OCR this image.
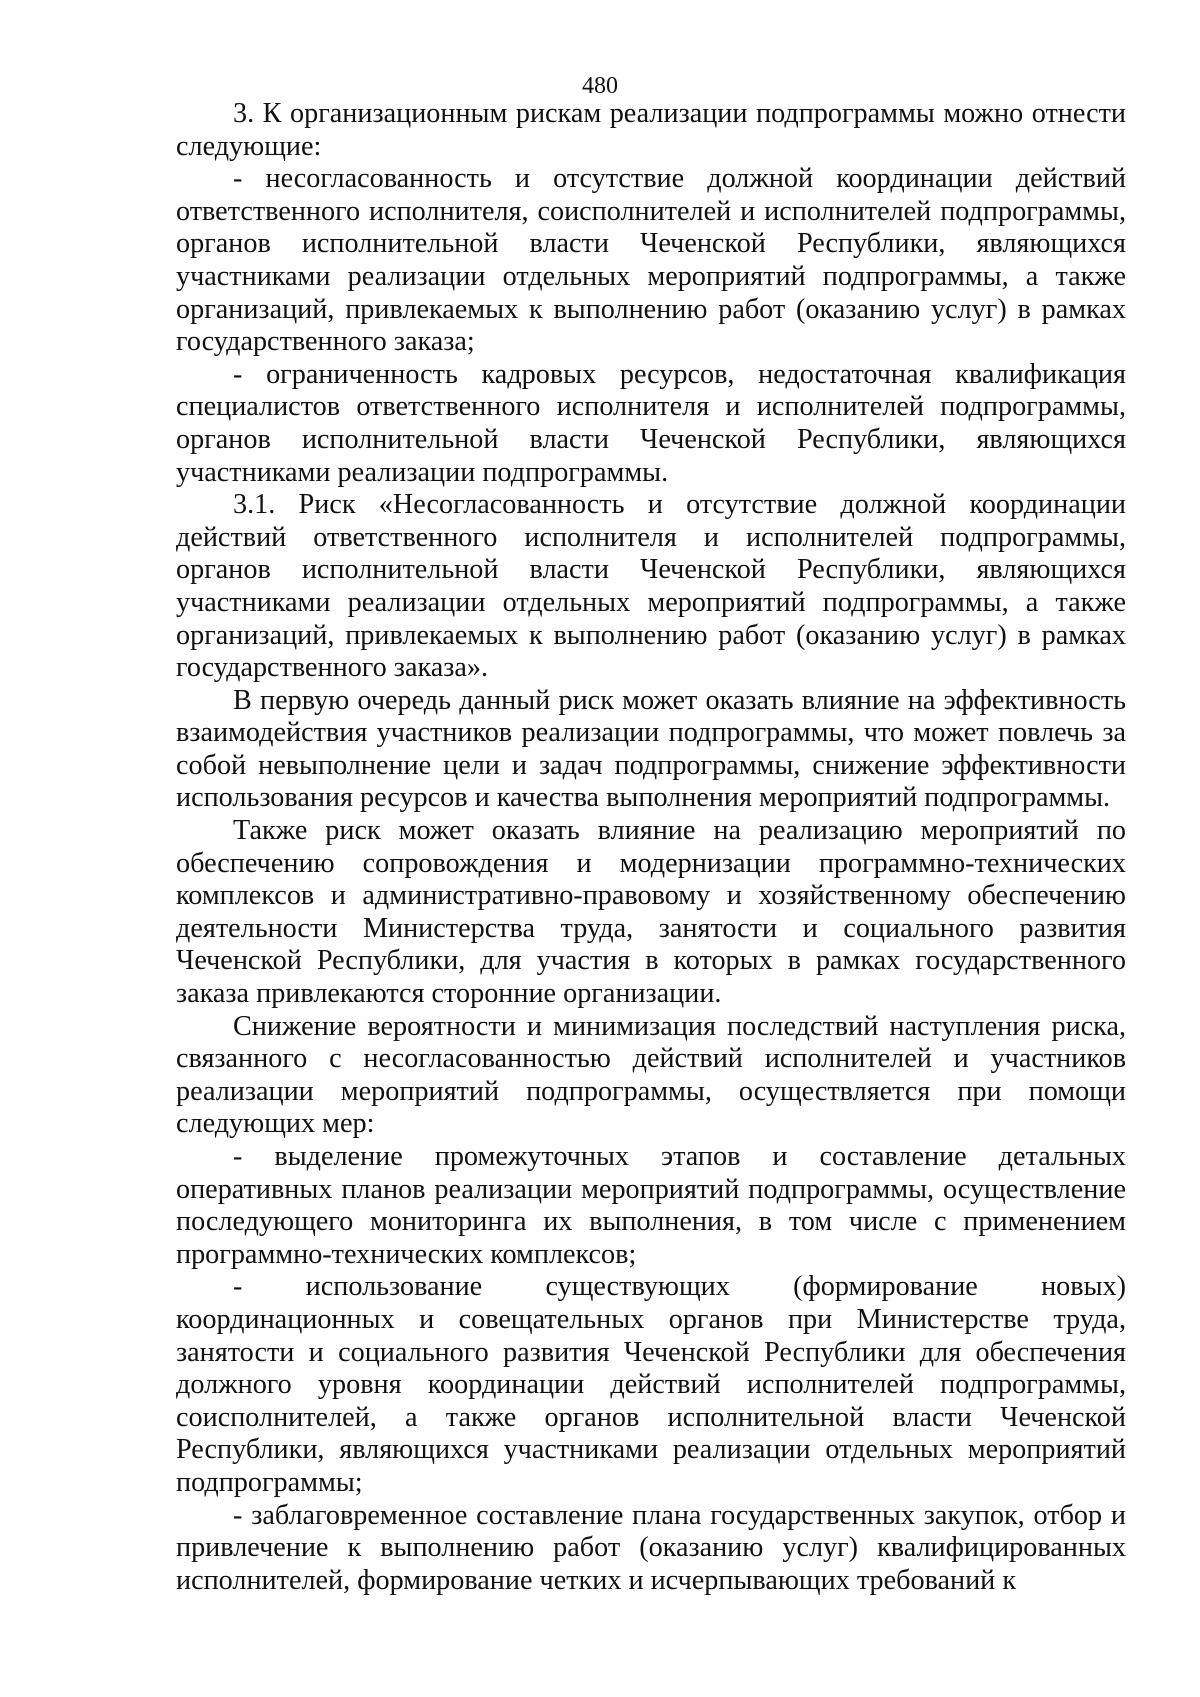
480

3. К организационным рискам реализации подпрограммы можно отнести следующие:

- несогласованность и отсутствие должной координации действий ответственного исполнителя, соисполнителей и исполнителей подпрограммы, органов исполнительной власти Чеченской Республики, являющихся участниками реализации отдельных мероприятий подпрограммы, а также организаций, привлекаемых к выполнению работ (оказанию услуг) в рамках государственного заказа;

- ограниченность кадровых ресурсов, недостаточная квалификация специалистов ответственного исполнителя и исполнителей подпрограммы, органов исполнительной власти Чеченской Республики, являющихся участниками реализации подпрограммы.

3.1. Риск «Несогласованность и отсутствие должной координации действий ответственного исполнителя и исполнителей подпрограммы, органов исполнительной власти Чеченской Республики, являющихся участниками реализации отдельных мероприятий подпрограммы, а также организаций, привлекаемых к выполнению работ (оказанию услуг) в рамках государственного заказа».

В первую очередь данный риск может оказать влияние на эффективность взаимодействия участников реализации подпрограммы, что может повлечь за собой невыполнение цели и задач подпрограммы, снижение эффективности использования ресурсов и качества выполнения мероприятий подпрограммы.

Также риск может оказать влияние на реализацию мероприятий по обеспечению сопровождения и модернизации программно-технических комплексов и административно-правовому и хозяйственному обеспечению деятельности Министерства труда, занятости и социального развития Чеченской Республики, для участия в которых в рамках государственного заказа привлекаются сторонние организации.

Снижение вероятности и минимизация последствий наступления риска, связанного с несогласованностью действий исполнителей и участников реализации мероприятий подпрограммы, осуществляется при помощи следующих мер:

- выделение промежуточных этапов и составление детальных оперативных планов реализации мероприятий подпрограммы, осуществление последующего мониторинга их выполнения, в том числе с применением программно-технических комплексов;

- использование существующих (формирование новых) координационных и совещательных органов при Министерстве труда, занятости и социального развития Чеченской Республики для обеспечения должного уровня координации действий исполнителей подпрограммы, соисполнителей, а также органов исполнительной власти Чеченской Республики, являющихся участниками реализации отдельных мероприятий подпрограммы;

- заблаговременное составление плана государственных закупок, отбор и привлечение к выполнению работ (оказанию услуг) квалифицированных исполнителей, формирование четких и исчерпывающих требований к
